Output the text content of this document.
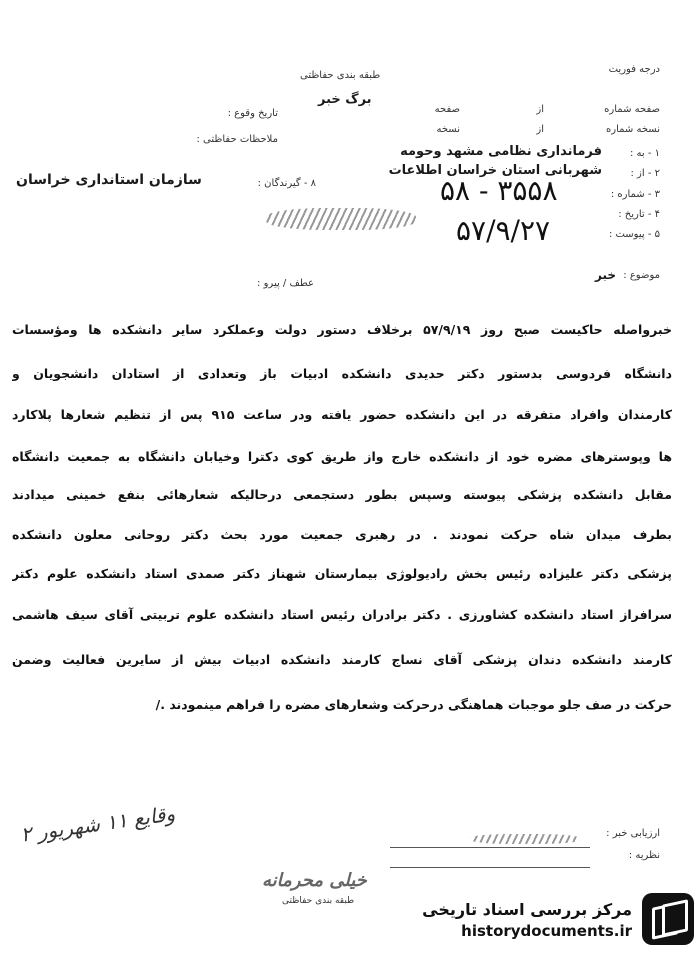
درجه فوریت
طبقه بندی حفاظتی
برگ خبر
تاریخ وقوع :
ملاحظات حفاظتی :
صفحه شماره
از
صفحه
نسخه شماره
از
نسخه
۱ - به :
فرمانداری نظامی مشهد وحومه
۲ - از :
شهربانی استان خراسان اطلاعات
۳ - شماره :
۵۸ - ۳۵۵۸
۴ - تاریخ :
۵ - پیوست :
۵۷/۹/۲۷
۸ - گیرندگان :
سازمان استانداری خراسان
موضوع :
خبر
عطف / پیرو :
خبرواصله حاکیست صبح روز ۵۷/۹/۱۹ برخلاف دستور دولت وعملکرد سایر دانشکده ها ومؤسسات
دانشگاه فردوسی بدستور دکتر حدیدی دانشکده ادبیات باز وتعدادی از استادان دانشجویان و
کارمندان وافراد متفرقه در این دانشکده حضور یافته ودر ساعت ۹۱۵ پس از تنظیم شعارها پلاکارد
ها وپوسترهای مضره خود از دانشکده خارج واز طریق کوی دکترا وخیابان دانشگاه به جمعیت دانشگاه
مقابل دانشکده پزشکی پیوسته وسپس بطور دستجمعی درحالیکه شعارهائی بنفع خمینی میدادند
بطرف میدان شاه حرکت نمودند . در رهبری جمعیت مورد بحث دکتر روحانی معلون دانشکده
پزشکی دکتر علیزاده رئیس بخش رادیولوژی بیمارستان شهناز دکتر صمدی استاد دانشکده علوم دکتر
سرافراز استاد دانشکده کشاورزی . دکتر برادران رئیس استاد دانشکده علوم تربیتی آقای سیف هاشمی
کارمند دانشکده دندان پزشکی آقای نساج کارمند دانشکده ادبیات بیش از سایرین فعالیت وضمن
حرکت در صف جلو موجبات هماهنگی درحرکت وشعارهای مضره را فراهم مینمودند ./
وقایع ۱۱ شهریور ۲
ارزیابی خبر :
نظریه :
خیلی محرمانه
طبقه بندی حفاظتی	مرکز بررسی اسناد تاریخی
historydocuments.ir
